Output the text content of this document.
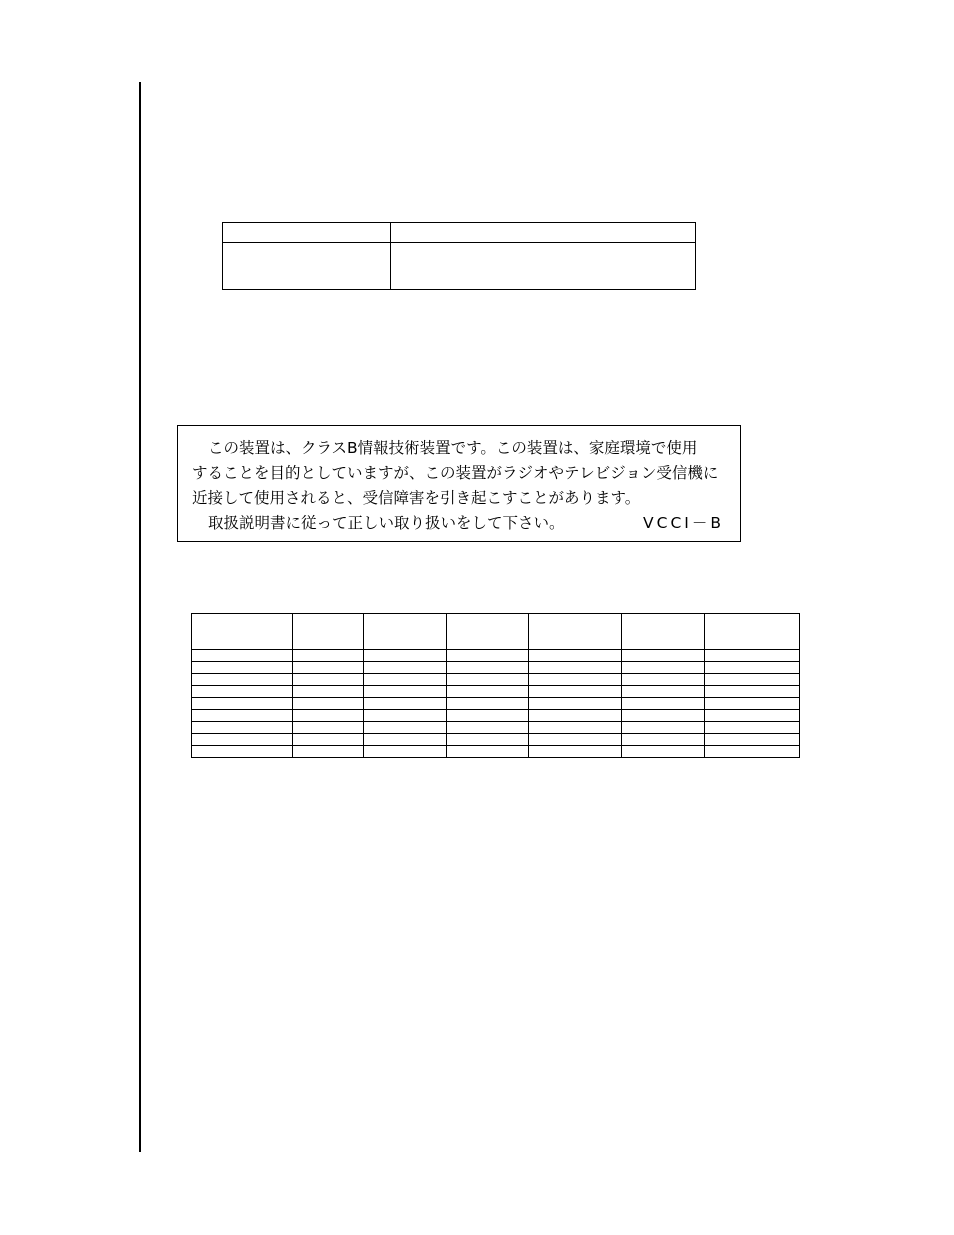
この装置は、クラスB情報技術装置です。この装置は、家庭環境で使用
することを目的としていますが、この装置がラジオやテレビジョン受信機に
近接して使用されると、受信障害を引き起こすことがあります。
取扱説明書に従って正しい取り扱いをして下さい。	VCCI－B
